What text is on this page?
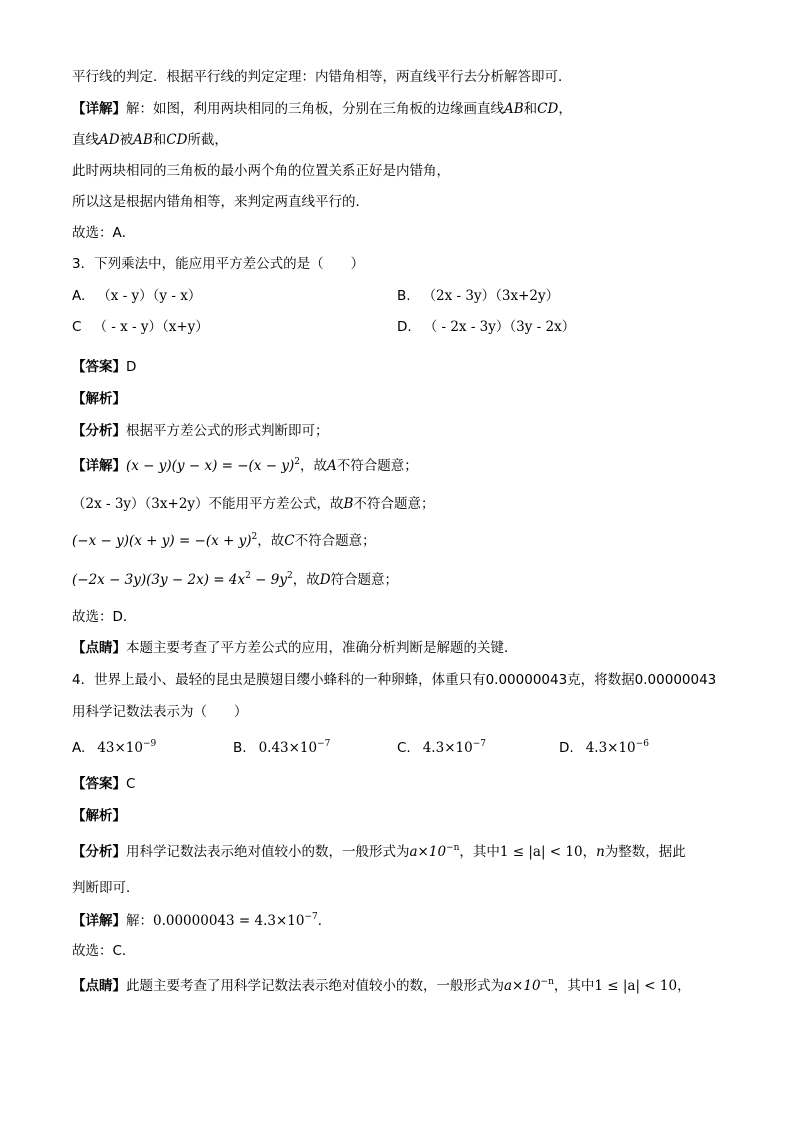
平行线的判定．根据平行线的判定定理：内错角相等，两直线平行去分析解答即可．
【详解】解：如图，利用两块相同的三角板，分别在三角板的边缘画直线AB和CD，
直线AD被AB和CD所截，
此时两块相同的三角板的最小两个角的位置关系正好是内错角，
所以这是根据内错角相等，来判定两直线平行的．
故选：A．
3．下列乘法中，能应用平方差公式的是（　　）
A. （x - y）（y - x）	B. （2x - 3y）（3x+2y）
C （ - x - y）（x+y）	D. （ - 2x - 3y）（3y - 2x）
【答案】D
【解析】
【分析】根据平方差公式的形式判断即可；
【详解】$(x - y)(y - x) = -(x - y)^2$，故A不符合题意；
（2x - 3y）（3x+2y）不能用平方差公式，故B不符合题意；
$(-x - y)(x + y) = -(x + y)^2$，故C不符合题意；
$(-2x - 3y)(3y - 2x) = 4x^2 - 9y^2$，故D符合题意；
故选：D．
【点睛】本题主要考查了平方差公式的应用，准确分析判断是解题的关键．
4．世界上最小、最轻的昆虫是膜翅目缨小蜂科的一种卵蜂，体重只有0.00000043克，将数据0.00000043
用科学记数法表示为（　　）
A. $43\times 10^{-9}$	B. $0.43\times 10^{-7}$	C. $4.3\times 10^{-7}$	D. $4.3\times 10^{-6}$
【答案】C
【解析】
【分析】用科学记数法表示绝对值较小的数，一般形式为$a\times 10^{-n}$，其中1 ≤ |a| < 10，n为整数，据此
判断即可．
【详解】解：$0.00000043 = 4.3\times 10^{-7}$．
故选：C．
【点睛】此题主要考查了用科学记数法表示绝对值较小的数，一般形式为$a\times 10^{-n}$，其中1 ≤ |a| < 10，
